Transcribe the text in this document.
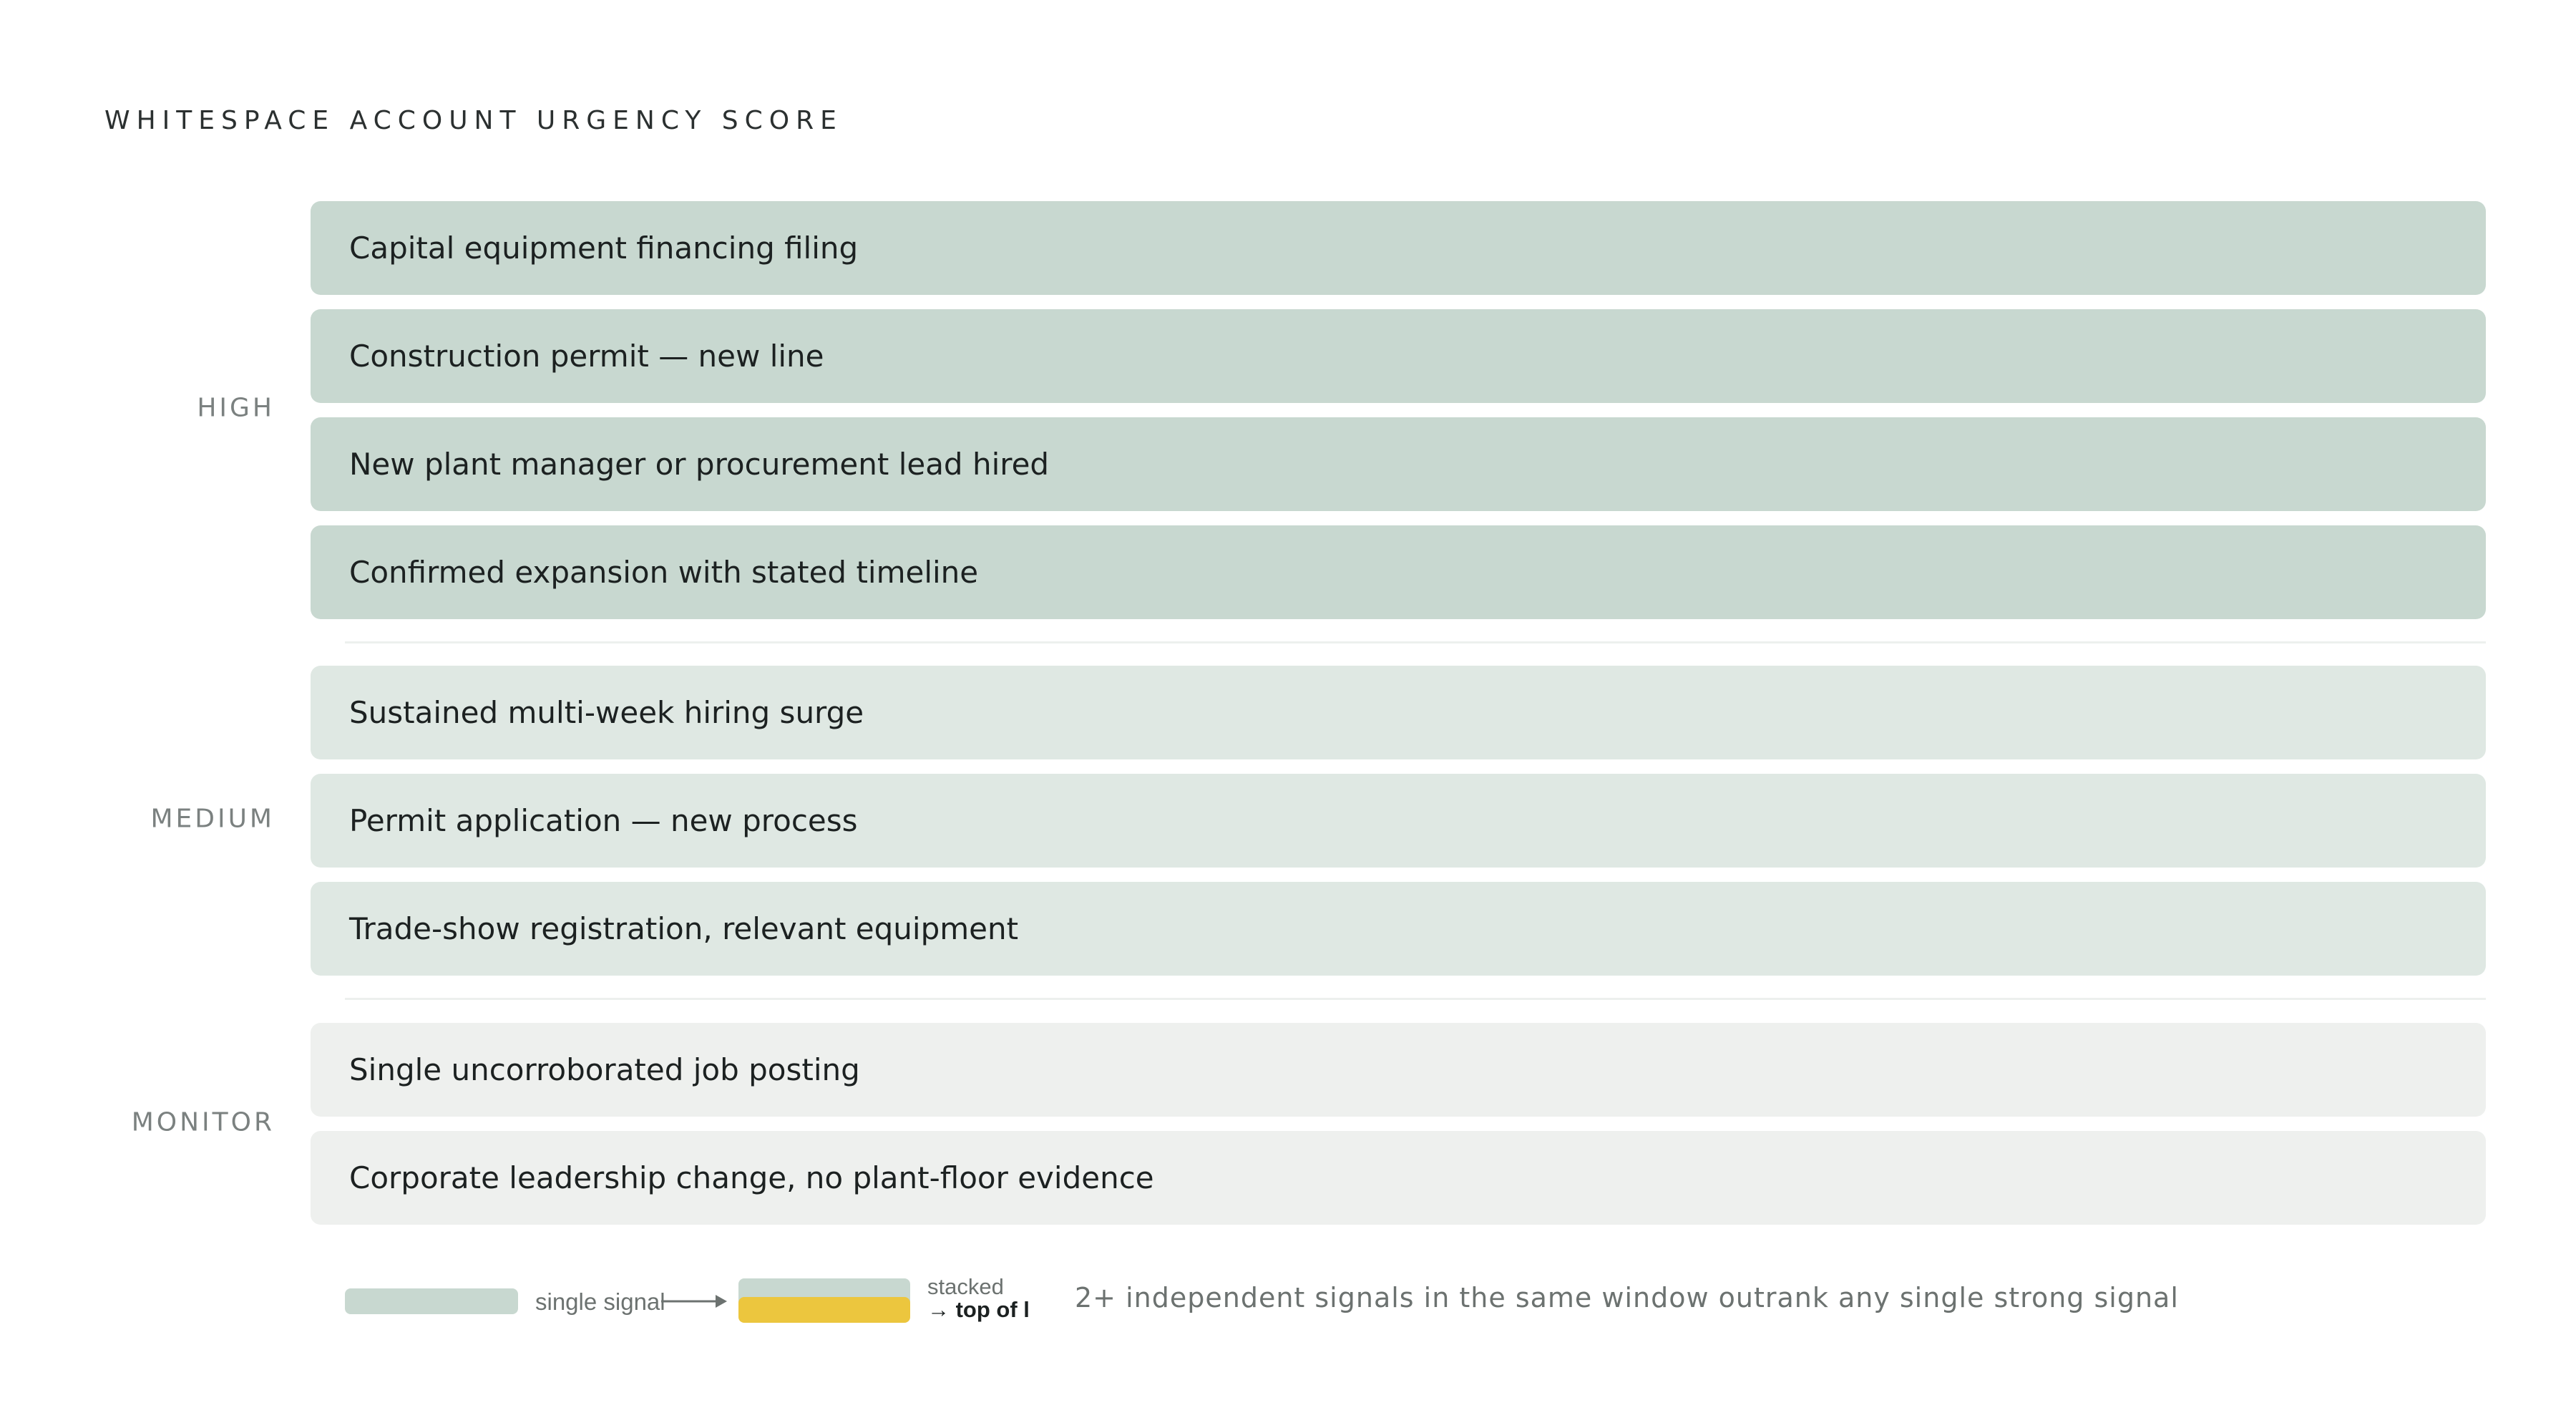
WHITESPACE ACCOUNT URGENCY SCORE
HIGH
Capital equipment financing filing
Construction permit — new line
New plant manager or procurement lead hired
Confirmed expansion with stated timeline
MEDIUM
Sustained multi-week hiring surge
Permit application — new process
Trade-show registration, relevant equipment
MONITOR
Single uncorroborated job posting
Corporate leadership change, no plant-floor evidence
single signal
stacked
→ top of l 2+ independent signals in the same window outrank any single strong signal
